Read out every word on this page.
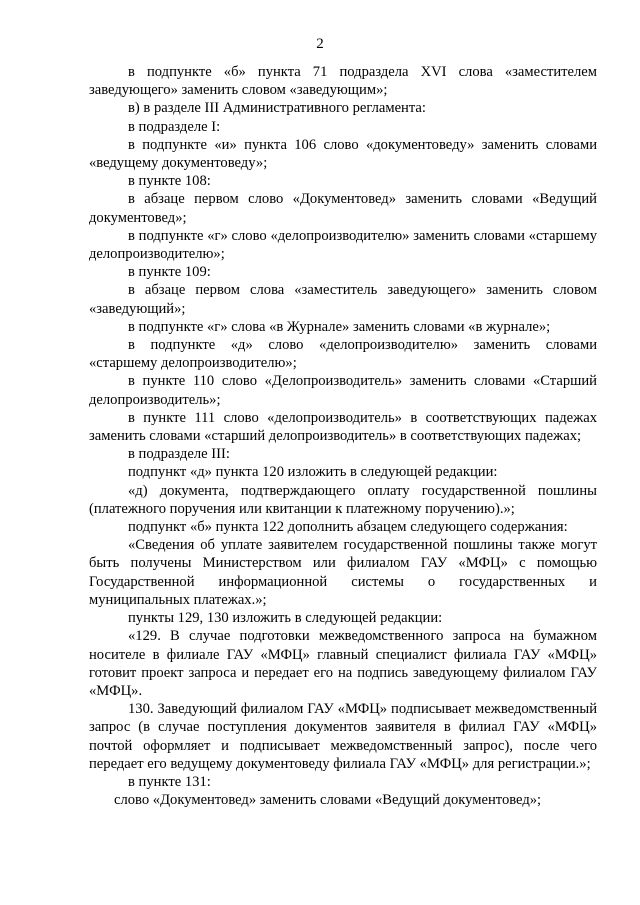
2

в подпункте «б» пункта 71 подраздела XVI слова «заместителем заведующего» заменить словом «заведующим»;

в) в разделе III Административного регламента:

в подразделе I:

в подпункте «и» пункта 106 слово «документоведу» заменить словами «ведущему документоведу»;

в пункте 108:

в абзаце первом слово «Документовед» заменить словами «Ведущий документовед»;

в подпункте «г» слово «делопроизводителю» заменить словами «старшему делопроизводителю»;

в пункте 109:

в абзаце первом слова «заместитель заведующего» заменить словом «заведующий»;

в подпункте «г» слова «в Журнале» заменить словами «в журнале»;

в подпункте «д» слово «делопроизводителю» заменить словами «старшему делопроизводителю»;

в пункте 110 слово «Делопроизводитель» заменить словами «Старший делопроизводитель»;

в пункте 111 слово «делопроизводитель» в соответствующих падежах заменить словами «старший делопроизводитель» в соответствующих падежах;

в подразделе III:

подпункт «д» пункта 120 изложить в следующей редакции:

«д) документа, подтверждающего оплату государственной пошлины (платежного поручения или квитанции к платежному поручению).»;

подпункт «б» пункта 122 дополнить абзацем следующего содержания:

«Сведения об уплате заявителем государственной пошлины также могут быть получены Министерством или филиалом ГАУ «МФЦ» с помощью Государственной информационной системы о государственных и муниципальных платежах.»;

пункты 129, 130 изложить в следующей редакции:

«129. В случае подготовки межведомственного запроса на бумажном носителе в филиале ГАУ «МФЦ» главный специалист филиала ГАУ «МФЦ» готовит проект запроса и передает его на подпись заведующему филиалом ГАУ «МФЦ».

130. Заведующий филиалом ГАУ «МФЦ» подписывает межведомственный запрос (в случае поступления документов заявителя в филиал ГАУ «МФЦ» почтой оформляет и подписывает межведомственный запрос), после чего передает его ведущему документоведу филиала ГАУ «МФЦ» для регистрации.»;

в пункте 131:

слово «Документовед» заменить словами «Ведущий документовед»;
